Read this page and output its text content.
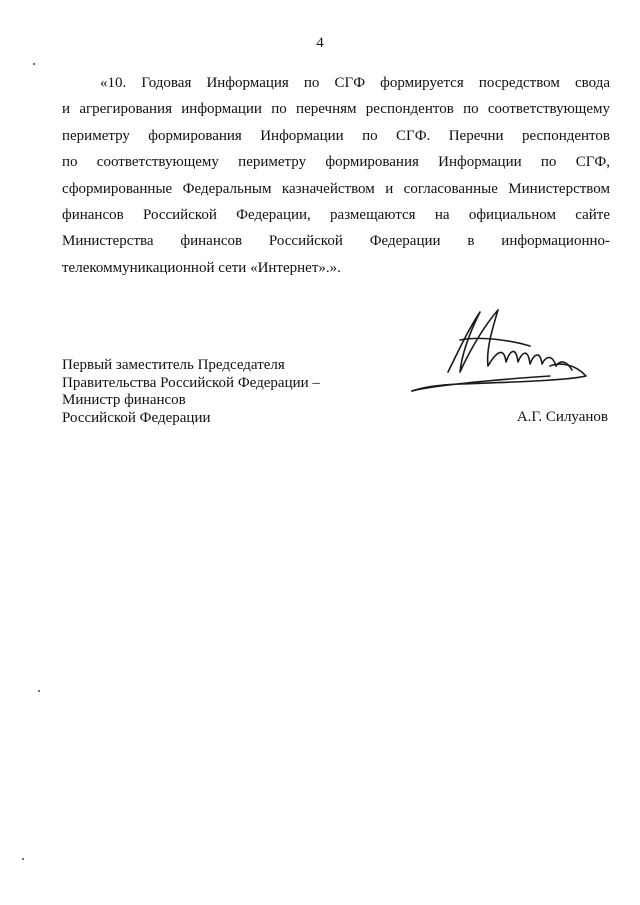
4
«10. Годовая Информация по СГФ формируется посредством свода
и агрегирования информации по перечням респондентов по соответствующему
периметру формирования Информации по СГФ. Перечни респондентов
по соответствующему периметру формирования Информации по СГФ,
сформированные Федеральным казначейством и согласованные Министерством
финансов Российской Федерации, размещаются на официальном сайте
Министерства финансов Российской Федерации в информационно-
телекоммуникационной сети «Интернет».».
Первый заместитель Председателя
Правительства Российской Федерации –
Министр финансов
Российской Федерации	А.Г. Силуанов
